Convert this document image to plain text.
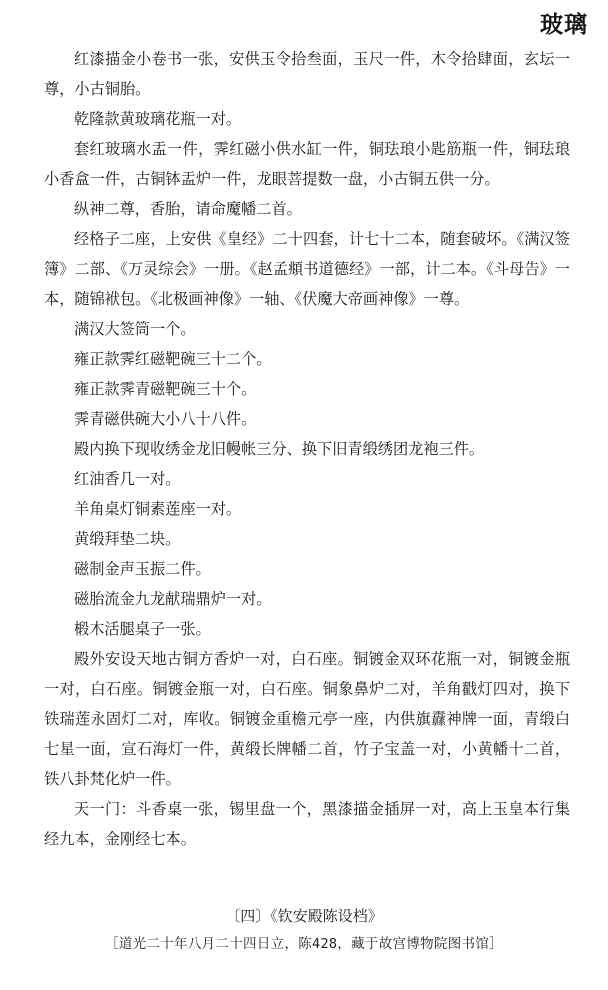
玻璃

红漆描金小卷书一张，安供玉令拾叁面，玉尺一件，木令拾肆面，玄坛一尊，小古铜胎。

乾隆款黄玻璃花瓶一对。

套红玻璃水盂一件，霁红磁小供水缸一件，铜珐琅小匙筋瓶一件，铜珐琅小香盒一件，古铜钵盂炉一件，龙眼菩提数一盘，小古铜五供一分。

纵神二尊，香胎，请命魔幡二首。

经格子二座，上安供《皇经》二十四套，计七十二本，随套破坏。《满汉签簿》二部、《万灵综会》一册。《赵孟頫书道德经》一部，计二本。《斗母告》一本，随锦袱包。《北极画神像》一轴、《伏魔大帝画神像》一尊。

满汉大签筒一个。

雍正款霁红磁靶碗三十二个。

雍正款霁青磁靶碗三十个。

霁青磁供碗大小八十八件。

殿内换下现收绣金龙旧幔帐三分、换下旧青缎绣团龙袍三件。

红油香几一对。

羊角桌灯铜素莲座一对。

黄缎拜垫二块。

磁制金声玉振二件。

磁胎流金九龙献瑞鼎炉一对。

椴木活腿桌子一张。

殿外安设天地古铜方香炉一对，白石座。铜镀金双环花瓶一对，铜镀金瓶一对，白石座。铜镀金瓶一对，白石座。铜象鼻炉二对，羊角戳灯四对，换下铁瑞莲永固灯二对，库收。铜镀金重檐元亭一座，内供旗纛神牌一面，青缎白七星一面，宣石海灯一件，黄缎长牌幡二首，竹子宝盖一对，小黄幡十二首，铁八卦梵化炉一件。

天一门：斗香桌一张，锡里盘一个，黑漆描金插屏一对，高上玉皇本行集经九本，金刚经七本。

〔四〕《钦安殿陈设档》
［道光二十年八月二十四日立，陈428，藏于故宫博物院图书馆］
